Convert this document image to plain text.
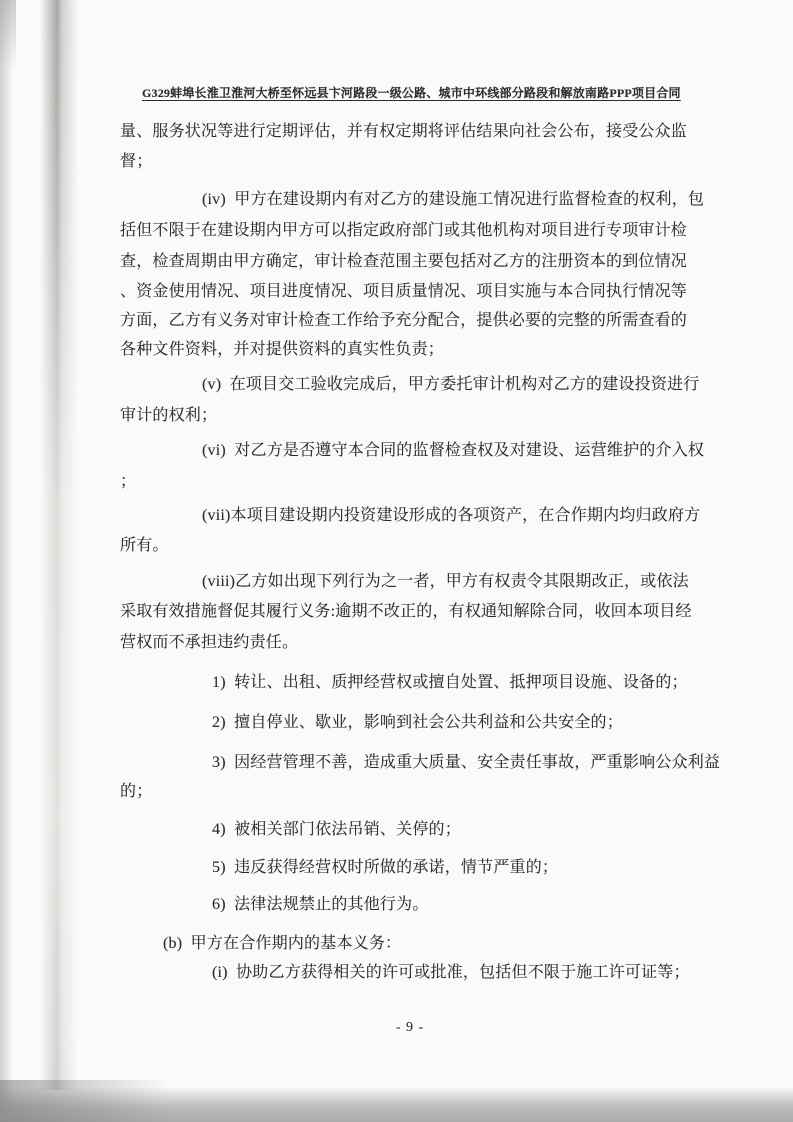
G329蚌埠长淮卫淮河大桥至怀远县卞河路段一级公路、城市中环线部分路段和解放南路PPP项目合同
量、服务状况等进行定期评估，并有权定期将评估结果向社会公布，接受公众监
督；
(iv)  甲方在建设期内有对乙方的建设施工情况进行监督检查的权利，包
括但不限于在建设期内甲方可以指定政府部门或其他机构对项目进行专项审计检
查，检查周期由甲方确定，审计检查范围主要包括对乙方的注册资本的到位情况
、资金使用情况、项目进度情况、项目质量情况、项目实施与本合同执行情况等
方面，乙方有义务对审计检查工作给予充分配合，提供必要的完整的所需查看的
各种文件资料，并对提供资料的真实性负责；
(v)  在项目交工验收完成后，甲方委托审计机构对乙方的建设投资进行
审计的权利；
(vi)  对乙方是否遵守本合同的监督检查权及对建设、运营维护的介入权
；
(vii)本项目建设期内投资建设形成的各项资产，在合作期内均归政府方
所有。
(viii)乙方如出现下列行为之一者，甲方有权责令其限期改正，或依法
采取有效措施督促其履行义务:逾期不改正的，有权通知解除合同，收回本项目经
营权而不承担违约责任。
1)  转让、出租、质押经营权或擅自处置、抵押项目设施、设备的；
2)  擅自停业、歇业，影响到社会公共利益和公共安全的；
3)  因经营管理不善，造成重大质量、安全责任事故，严重影响公众利益
的；
4)  被相关部门依法吊销、关停的；
5)  违反获得经营权时所做的承诺，情节严重的；
6)  法律法规禁止的其他行为。
(b)  甲方在合作期内的基本义务：
(i)  协助乙方获得相关的许可或批准，包括但不限于施工许可证等；
- 9 -
